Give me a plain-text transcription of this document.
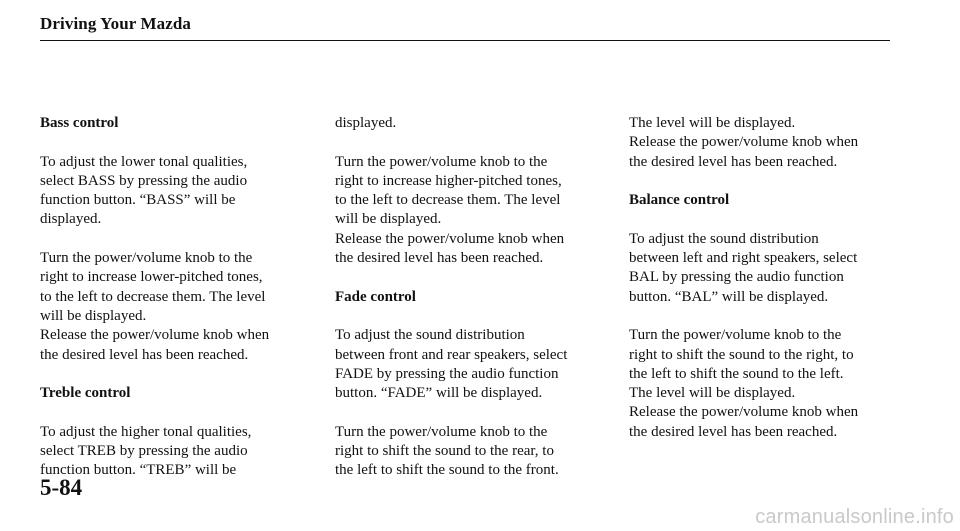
Driving Your Mazda

Bass control

To adjust the lower tonal qualities,
select BASS by pressing the audio
function button. “BASS” will be
displayed.

Turn the power/volume knob to the
right to increase lower-pitched tones,
to the left to decrease them. The level
will be displayed.
Release the power/volume knob when
the desired level has been reached.

Treble control

To adjust the higher tonal qualities,
select TREB by pressing the audio
function button. “TREB” will be

displayed.

Turn the power/volume knob to the
right to increase higher-pitched tones,
to the left to decrease them. The level
will be displayed.
Release the power/volume knob when
the desired level has been reached.

Fade control

To adjust the sound distribution
between front and rear speakers, select
FADE by pressing the audio function
button. “FADE” will be displayed.

Turn the power/volume knob to the
right to shift the sound to the rear, to
the left to shift the sound to the front.

The level will be displayed.
Release the power/volume knob when
the desired level has been reached.

Balance control

To adjust the sound distribution
between left and right speakers, select
BAL by pressing the audio function
button. “BAL” will be displayed.

Turn the power/volume knob to the
right to shift the sound to the right, to
the left to shift the sound to the left.
The level will be displayed.
Release the power/volume knob when
the desired level has been reached.

5-84
carmanualsonline.info
